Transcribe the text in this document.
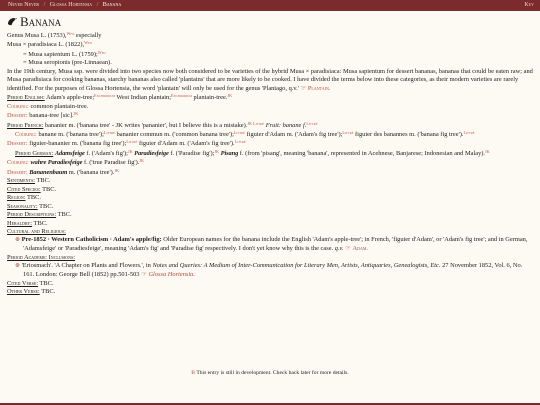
Never Never / Glossa Hortensia / Banana	Key
Banana

Genus Musa L. (1753),$^{Wfo}$ especially

Musa × paradisiaca L. (1822),$^{Wfo}$

= Musa sapientum L. (1759);$^{Wfo}$

= Musa seropionis (pre-Linnaean).

In the 19th century, Musa ssp. were divided into two species now both considered to be varieties of the hybrid Musa × paradisiaca: Musa sapientum for dessert bananas, bananas that could be eaten raw; and Musa paradisiaca for cooking bananas, starchy bananas also called 'plantains' that are more likely to be cooked. I have divided the terms below into these categories, as their modern varieties are rarely identified. For the purposes of Glossa Hortensia, the word 'plantain' will only be used for the genus 'Plantago, q.v.' ☞ Plantain.

Period English: Adam's apple-tree;$^{Enchiridium}$ West Indian plantain;$^{Enchiridium}$ plantain-tree.$^{JK}$

Cooking: common plantain-tree.

Dessert: banana-tree [sic].$^{JK}$

Period French: bananier m. ('banana tree' - JK writes 'pananier', but I believe this is a mistake).$^{JK Littré}$ Fruit: banane f.$^{Littré}$

Cooking: banane m. ('banana tree');$^{Littré}$ bananier commun m. ('common banana tree');$^{Littré}$ figuier d'Adam m. ('Adam's fig tree');$^{Littré}$ figuier des banannes m. ('banana fig tree').$^{Littré}$

Dessert: figuier-bananier m. ('banana fig tree');$^{Littré}$ figuier d'Adam m. ('Adam's fig tree').$^{Littré}$

Period German: Adamsfeige f. ('Adam's fig');$^{JK}$ Paradiesfeige f. ('Paradise fig');$^{JK}$ Pisang f. (from 'pisang', meaning 'banana', represented in Acehnese, Banjarese; Indonesian and Malay).$^{JK}$

Cooking: wahre Paradiesfeige f. ('true Paradise fig').$^{JK}$

Dessert: Bananenbaum m. ('banana tree').$^{JK}$

Sentiments: TBC.

Cited Species: TBC.

Region: TBC.

Seasonality: TBC.

Period Descriptions: TBC.

Heraldry: TBC.

Cultural and Religious:

⊛ Pre-1852 · Western Catholicism · Adam's apple/fig: Older European names for the banana include the English 'Adam's apple-tree'; in French, 'figuier d'Adam', or 'Adam's fig tree'; and in German, 'Adamsfeige' or 'Paradiesfeige', meaning 'Adam's fig' and 'Paradise fig' respectively. I don't yet know why this is the case. q.v. ☞ Adam.

Period Academic Inclusions:

⊛ 'Eriosmach'. 'A Chapter on Plants and Flowers.', in Notes and Queries: A Medium of Inter-Communication for Literary Men, Artists, Antiquaries, Genealogists, Etc. 27 November 1852, Vol. 6, No. 161. London: George Bell (1852) pp.501-503 ☞ Glossa Hortensia.

Cited Verse: TBC.

Other Verse: TBC.

B This entry is still in development. Check back later for more details.
